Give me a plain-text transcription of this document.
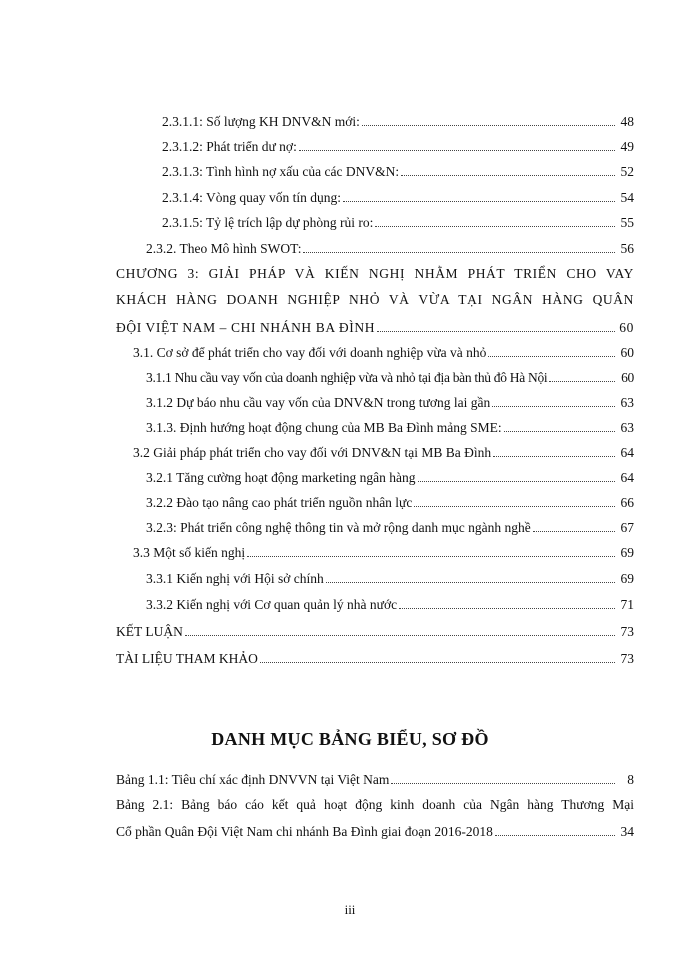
2.3.1.1: Số lượng KH DNV&N mới:	48
2.3.1.2: Phát triển dư nợ:	49
2.3.1.3: Tình hình nợ xấu của các DNV&N:	52
2.3.1.4: Vòng quay vốn tín dụng:	54
2.3.1.5: Tỷ lệ trích lập dự phòng rủi ro:	55
2.3.2. Theo Mô hình SWOT:	56
CHƯƠNG 3: GIẢI PHÁP VÀ KIẾN NGHỊ NHẰM PHÁT TRIỂN CHO VAY
KHÁCH HÀNG DOANH NGHIỆP NHỎ VÀ VỪA TẠI NGÂN HÀNG QUÂN
ĐỘI VIỆT NAM – CHI NHÁNH BA ĐÌNH	60
3.1. Cơ sở để phát triển cho vay đối với doanh nghiệp vừa và nhỏ	60
3.1.1 Nhu cầu vay vốn của doanh nghiệp vừa và nhỏ tại địa bàn thủ đô Hà Nội	60
3.1.2 Dự báo nhu cầu vay vốn của DNV&N trong tương lai gần	63
3.1.3. Định hướng hoạt động chung của MB Ba Đình mảng SME:	63
3.2 Giải pháp phát triển cho vay đối với DNV&N tại MB Ba Đình	64
3.2.1 Tăng cường hoạt động marketing ngân hàng	64
3.2.2 Đào tạo nâng cao phát triển nguồn nhân lực	66
3.2.3: Phát triển công nghệ thông tin và mở rộng danh mục ngành nghề	67
3.3 Một số kiến nghị	69
3.3.1 Kiến nghị với Hội sở chính	69
3.3.2 Kiến nghị với Cơ quan quản lý nhà nước	71
KẾT LUẬN	73
TÀI LIỆU THAM KHẢO	73
DANH MỤC BẢNG BIỂU, SƠ ĐỒ
Bảng 1.1: Tiêu chí xác định DNVVN tại Việt Nam	8
Bảng 2.1: Bảng báo cáo kết quả hoạt động kinh doanh của Ngân hàng Thương Mại
Cổ phần Quân Đội Việt Nam chi nhánh Ba Đình giai đoạn 2016-2018	34
iii
